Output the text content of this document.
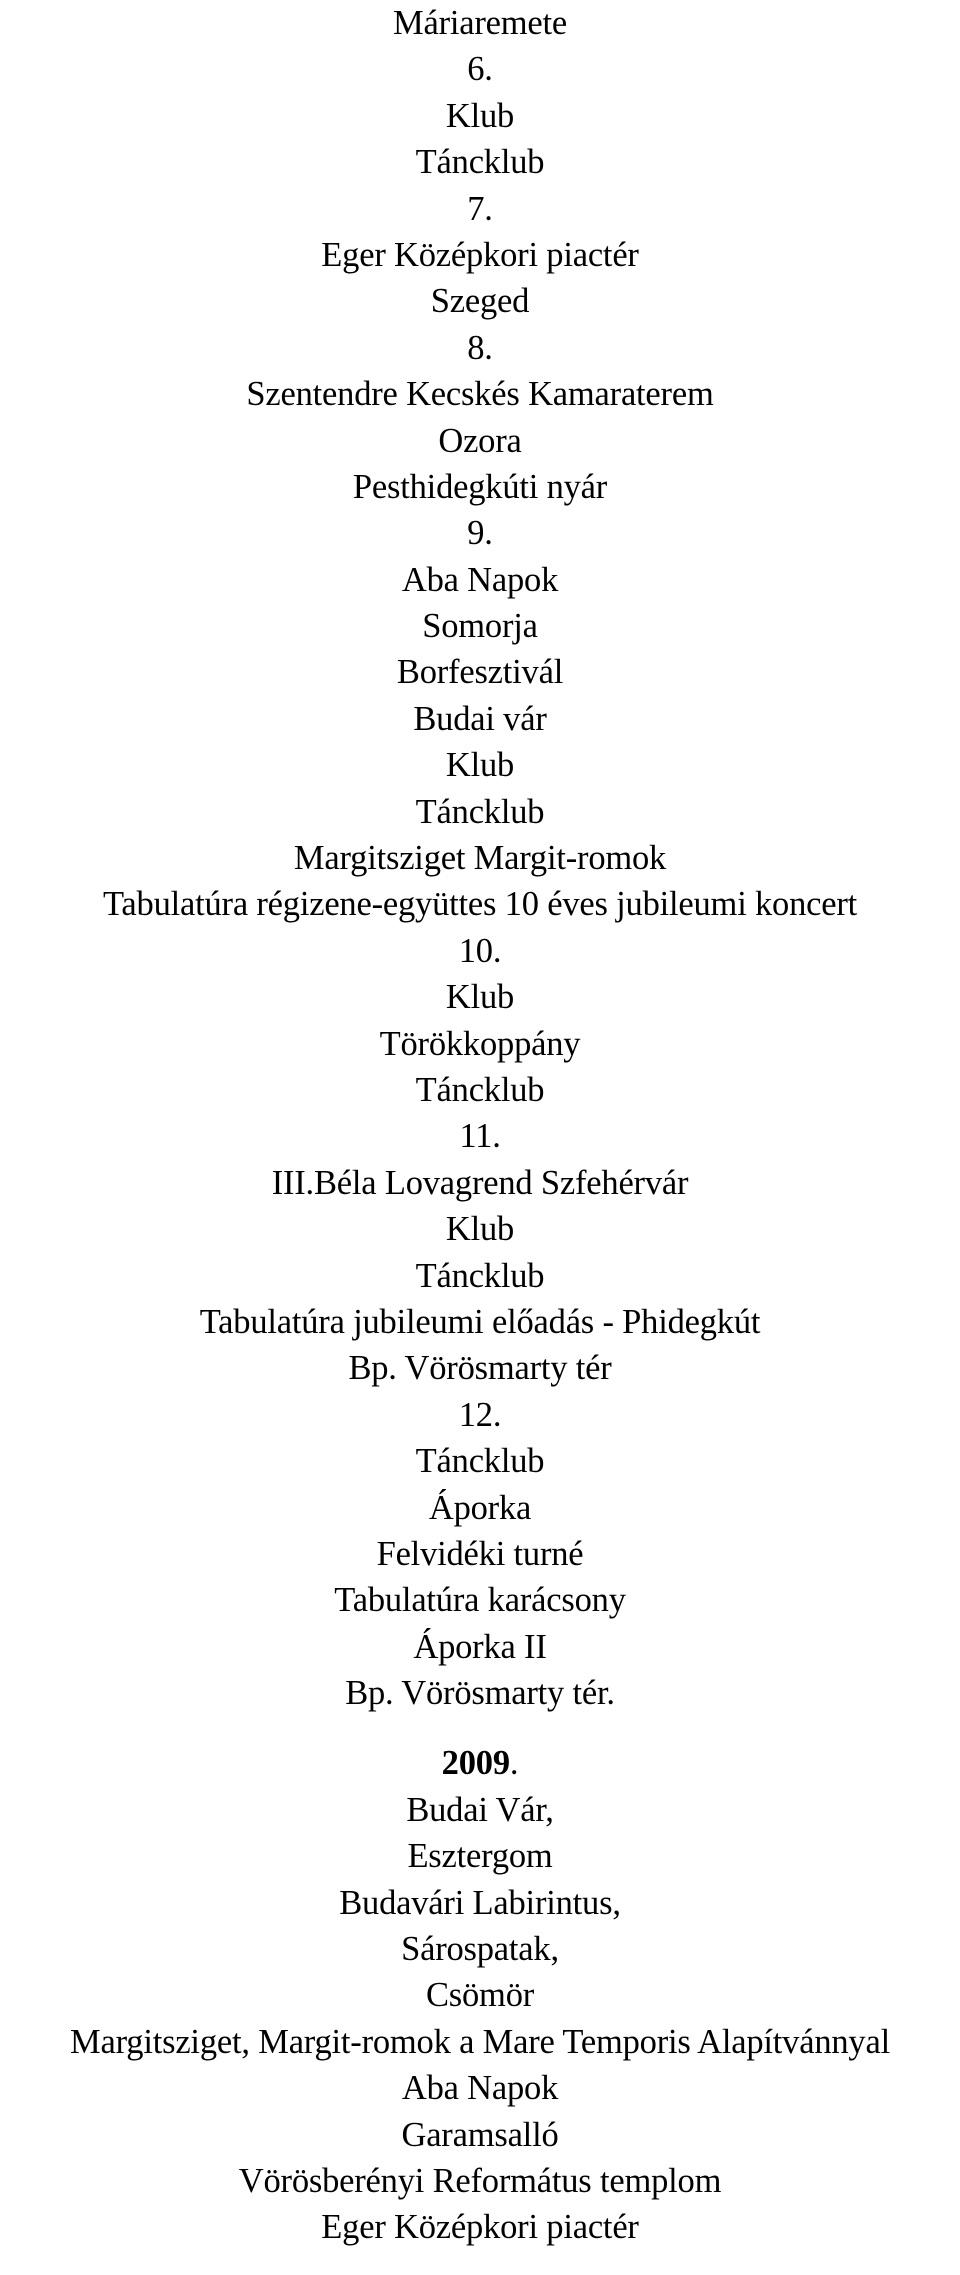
Máriaremete
6.
Klub
Táncklub
7.
Eger Középkori piactér
Szeged
8.
Szentendre Kecskés Kamaraterem
Ozora
Pesthidegkúti nyár
9.
Aba Napok
Somorja
Borfesztivál
Budai vár
Klub
Táncklub
Margitsziget Margit-romok
Tabulatúra régizene-együttes 10 éves jubileumi koncert
10.
Klub
Törökkoppány
Táncklub
11.
III.Béla Lovagrend Szfehérvár
Klub
Táncklub
Tabulatúra jubileumi előadás - Phidegkút
Bp. Vörösmarty tér
12.
Táncklub
Áporka
Felvidéki turné
Tabulatúra karácsony
Áporka II
Bp. Vörösmarty tér.
2009.
Budai Vár,
Esztergom
Budavári Labirintus,
Sárospatak,
Csömör
Margitsziget, Margit-romok a Mare Temporis Alapítvánnyal
Aba Napok
Garamsalló
Vörösberényi Református templom
Eger Középkori piactér
